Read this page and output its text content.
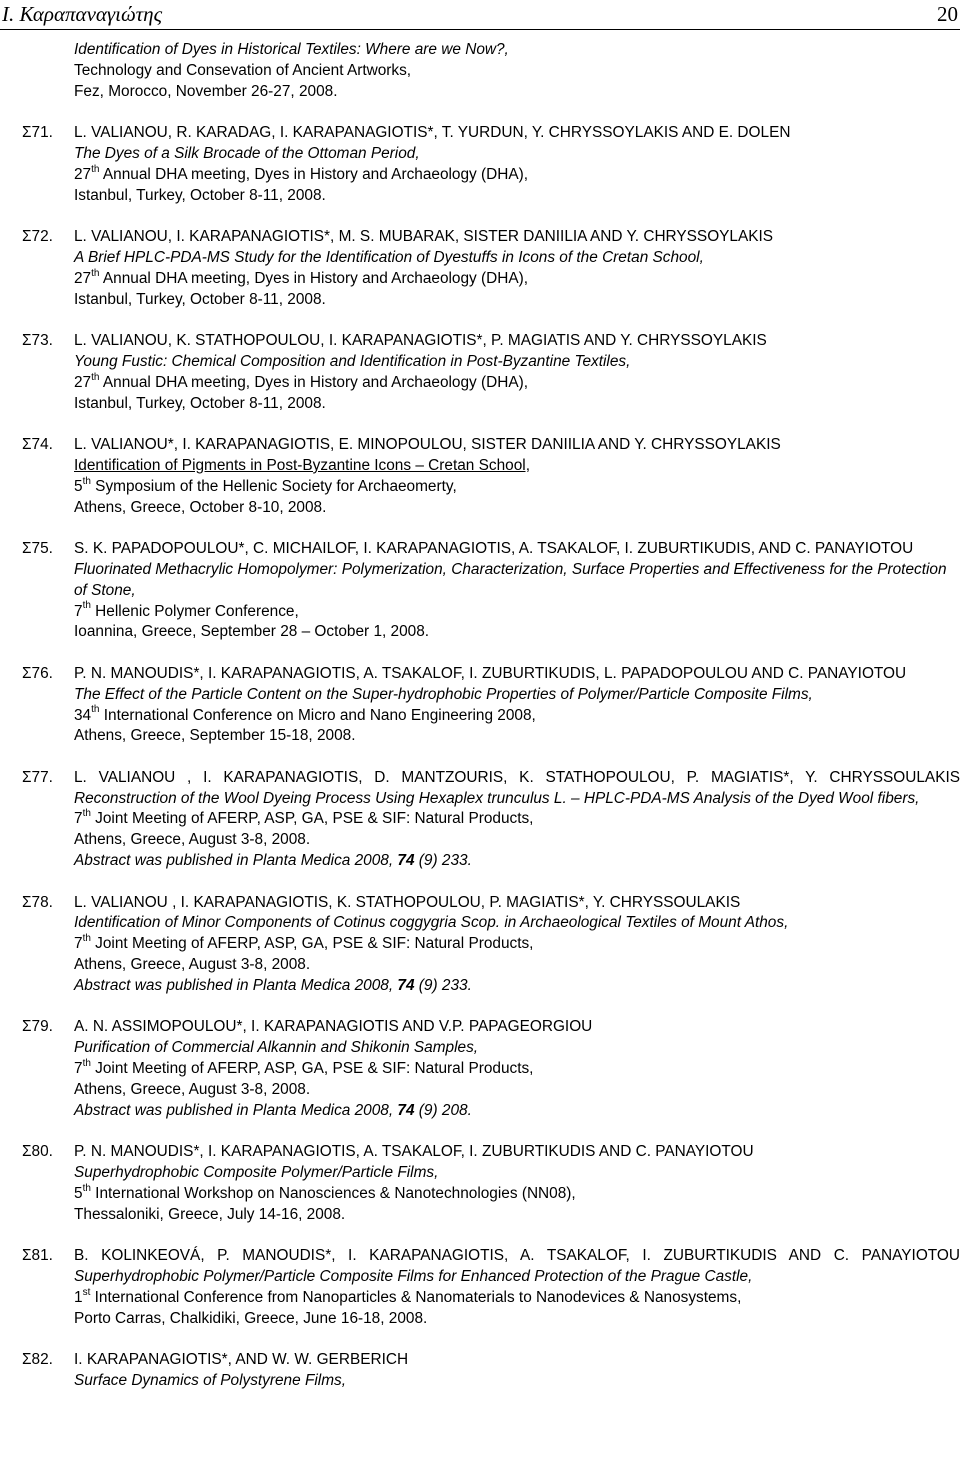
Ι. Καραπαναγιώτης	20
Identification of Dyes in Historical Textiles: Where are we Now?,
Technology and Consevation of Ancient Artworks,
Fez, Morocco, November 26-27, 2008.
Σ71. L. VALIANOU, R. KARADAG, I. KARAPANAGIOTIS*, T. YURDUN, Y. CHRYSSOYLAKIS AND E. DOLEN
The Dyes of a Silk Brocade of the Ottoman Period,
27th Annual DHA meeting, Dyes in History and Archaeology (DHA),
Istanbul, Turkey, October 8-11, 2008.
Σ72. L. VALIANOU, I. KARAPANAGIOTIS*, M. S. MUBARAK, SISTER DANIILIA AND Y. CHRYSSOYLAKIS
A Brief HPLC-PDA-MS Study for the Identification of Dyestuffs in Icons of the Cretan School,
27th Annual DHA meeting, Dyes in History and Archaeology (DHA),
Istanbul, Turkey, October 8-11, 2008.
Σ73. L. VALIANOU, K. STATHOPOULOU, I. KARAPANAGIOTIS*, P. MAGIATIS AND Y. CHRYSSOYLAKIS
Young Fustic: Chemical Composition and Identification in Post-Byzantine Textiles,
27th Annual DHA meeting, Dyes in History and Archaeology (DHA),
Istanbul, Turkey, October 8-11, 2008.
Σ74. L. VALIANOU*, I. KARAPANAGIOTIS, E. MINOPOULOU, SISTER DANIILIA AND Y. CHRYSSOYLAKIS
Identification of Pigments in Post-Byzantine Icons – Cretan School,
5th Symposium of the Hellenic Society for Archaeomerty,
Athens, Greece, October 8-10, 2008.
Σ75. S. K. PAPADOPOULOU*, C. MICHAILOF, I. KARAPANAGIOTIS, A. TSAKALOF, I. ZUBURTIKUDIS, AND C. PANAYIOTOU
Fluorinated Methacrylic Homopolymer: Polymerization, Characterization, Surface Properties and Effectiveness for the Protection of Stone,
7th Hellenic Polymer Conference,
Ioannina, Greece, September 28 – October 1, 2008.
Σ76. P. N. MANOUDIS*, I. KARAPANAGIOTIS, A. TSAKALOF, I. ZUBURTIKUDIS, L. PAPADOPOULOU AND C. PANAYIOTOU
The Effect of the Particle Content on the Super-hydrophobic Properties of Polymer/Particle Composite Films,
34th International Conference on Micro and Nano Engineering 2008,
Athens, Greece, September 15-18, 2008.
Σ77. L. VALIANOU , I. KARAPANAGIOTIS, D. MANTZOURIS, K. STATHOPOULOU, P. MAGIATIS*, Y. CHRYSSOULAKIS
Reconstruction of the Wool Dyeing Process Using Hexaplex trunculus L. – HPLC-PDA-MS Analysis of the Dyed Wool fibers,
7th Joint Meeting of AFERP, ASP, GA, PSE & SIF: Natural Products,
Athens, Greece, August 3-8, 2008.
Abstract was published in Planta Medica 2008, 74 (9) 233.
Σ78. L. VALIANOU , I. KARAPANAGIOTIS, K. STATHOPOULOU, P. MAGIATIS*, Y. CHRYSSOULAKIS
Identification of Minor Components of Cotinus coggygria Scop. in Archaeological Textiles of Mount Athos,
7th Joint Meeting of AFERP, ASP, GA, PSE & SIF: Natural Products,
Athens, Greece, August 3-8, 2008.
Abstract was published in Planta Medica 2008, 74 (9) 233.
Σ79. A. N. ASSIMOPOULOU*, I. KARAPANAGIOTIS AND V.P. PAPAGEORGIOU
Purification of Commercial Alkannin and Shikonin Samples,
7th Joint Meeting of AFERP, ASP, GA, PSE & SIF: Natural Products,
Athens, Greece, August 3-8, 2008.
Abstract was published in Planta Medica 2008, 74 (9) 208.
Σ80. P. N. MANOUDIS*, I. KARAPANAGIOTIS, A. TSAKALOF, I. ZUBURTIKUDIS AND C. PANAYIOTOU
Superhydrophobic Composite Polymer/Particle Films,
5th International Workshop on Nanosciences & Nanotechnologies (NN08),
Thessaloniki, Greece, July 14-16, 2008.
Σ81. B. KOLINKEOVÁ, P. MANOUDIS*, I. KARAPANAGIOTIS, A. TSAKALOF, I. ZUBURTIKUDIS AND C. PANAYIOTOU
Superhydrophobic Polymer/Particle Composite Films for Enhanced Protection of the Prague Castle,
1st International Conference from Nanoparticles & Nanomaterials to Nanodevices & Nanosystems,
Porto Carras, Chalkidiki, Greece, June 16-18, 2008.
Σ82. I. KARAPANAGIOTIS*, AND W. W. GERBERICH
Surface Dynamics of Polystyrene Films,
